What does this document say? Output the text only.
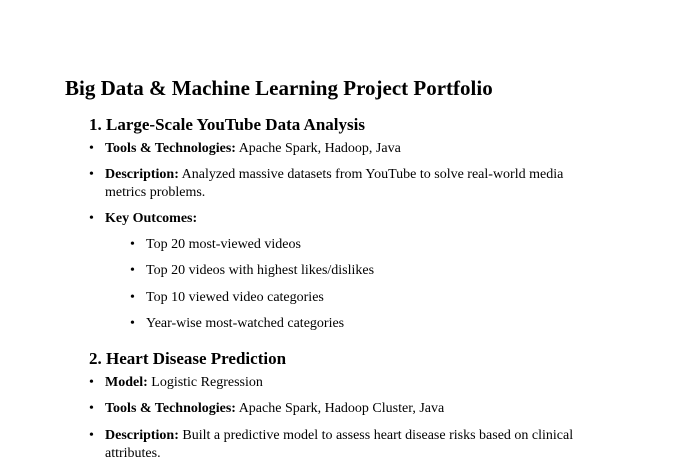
Big Data & Machine Learning Project Portfolio
1. Large-Scale YouTube Data Analysis
• Tools & Technologies: Apache Spark, Hadoop, Java
• Description: Analyzed massive datasets from YouTube to solve real-world media metrics problems.
• Key Outcomes:
• Top 20 most-viewed videos
• Top 20 videos with highest likes/dislikes
• Top 10 viewed video categories
• Year-wise most-watched categories
2. Heart Disease Prediction
• Model: Logistic Regression
• Tools & Technologies: Apache Spark, Hadoop Cluster, Java
• Description: Built a predictive model to assess heart disease risks based on clinical attributes.
